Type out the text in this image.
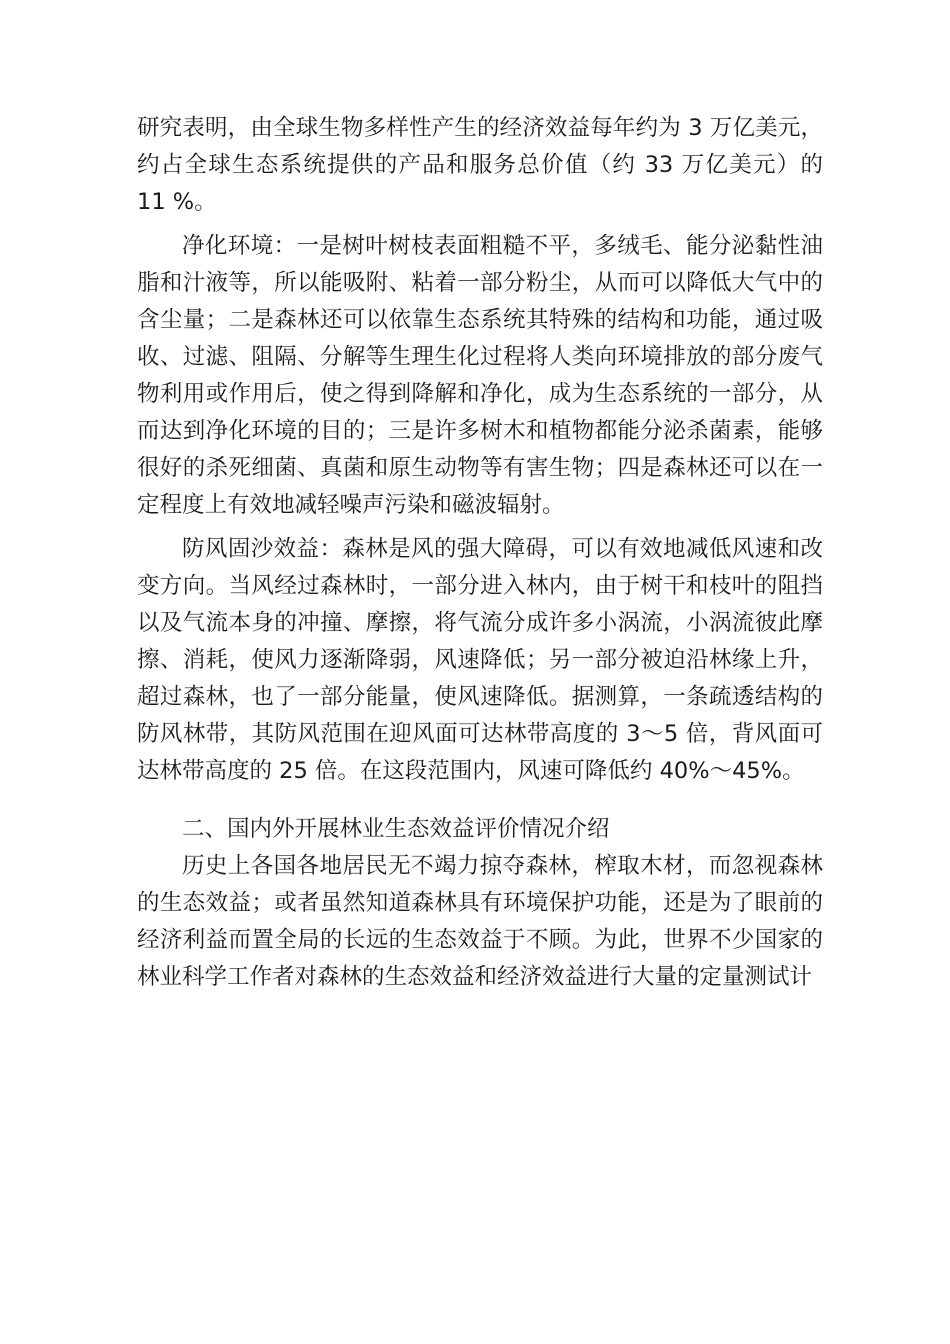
研究表明，由全球生物多样性产生的经济效益每年约为 3 万亿美元，约占全球生态系统提供的产品和服务总价值（约 33 万亿美元）的 11 %。

净化环境：一是树叶树枝表面粗糙不平，多绒毛、能分泌黏性油脂和汁液等，所以能吸附、粘着一部分粉尘，从而可以降低大气中的含尘量；二是森林还可以依靠生态系统其特殊的结构和功能，通过吸收、过滤、阻隔、分解等生理生化过程将人类向环境排放的部分废气物利用或作用后，使之得到降解和净化，成为生态系统的一部分，从而达到净化环境的目的；三是许多树木和植物都能分泌杀菌素，能够很好的杀死细菌、真菌和原生动物等有害生物；四是森林还可以在一定程度上有效地减轻噪声污染和磁波辐射。

防风固沙效益：森林是风的强大障碍，可以有效地减低风速和改变方向。当风经过森林时，一部分进入林内，由于树干和枝叶的阻挡以及气流本身的冲撞、摩擦，将气流分成许多小涡流，小涡流彼此摩擦、消耗，使风力逐渐降弱，风速降低；另一部分被迫沿林缘上升，超过森林，也了一部分能量，使风速降低。据测算，一条疏透结构的防风林带，其防风范围在迎风面可达林带高度的 3～5 倍，背风面可达林带高度的 25 倍。在这段范围内，风速可降低约 40%～45%。

二、国内外开展林业生态效益评价情况介绍

历史上各国各地居民无不竭力掠夺森林，榨取木材，而忽视森林的生态效益；或者虽然知道森林具有环境保护功能，还是为了眼前的经济利益而置全局的长远的生态效益于不顾。为此，世界不少国家的林业科学工作者对森林的生态效益和经济效益进行大量的定量测试计
